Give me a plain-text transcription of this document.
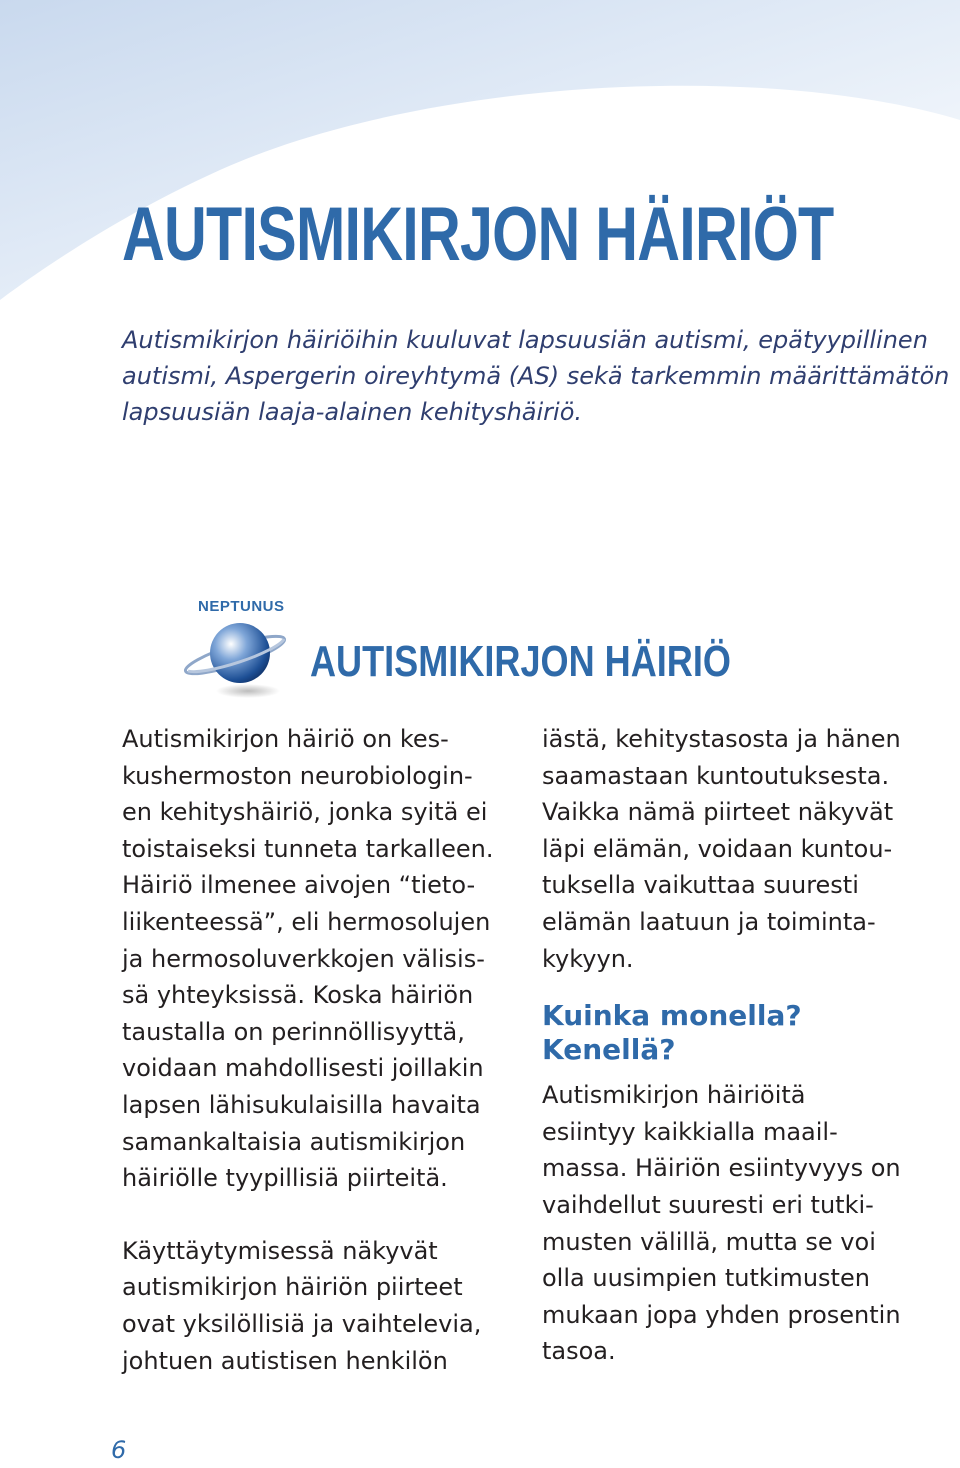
AUTISMIKIRJON HÄIRIÖT
Autismikirjon häiriöihin kuuluvat lapsuusiän autismi, epätyypillinen
autismi, Aspergerin oireyhtymä (AS) sekä tarkemmin määrittämätön
lapsuusiän laaja-alainen kehityshäiriö.
NEPTUNUS
AUTISMIKIRJON HÄIRIÖ

Autismikirjon häiriö on kes-
kushermoston neurobiologin-
en kehityshäiriö, jonka syitä ei
toistaiseksi tunneta tarkalleen.
Häiriö ilmenee aivojen “tieto-
liikenteessä”, eli hermosolujen
ja hermosoluverkkojen välisis-
sä yhteyksissä. Koska häiriön
taustalla on perinnöllisyyttä,
voidaan mahdollisesti joillakin
lapsen lähisukulaisilla havaita
samankaltaisia autismikirjon
häiriölle tyypillisiä piirteitä.

Käyttäytymisessä näkyvät
autismikirjon häiriön piirteet
ovat yksilöllisiä ja vaihtelevia,
johtuen autistisen henkilön

iästä, kehitystasosta ja hänen
saamastaan kuntoutuksesta.
Vaikka nämä piirteet näkyvät
läpi elämän, voidaan kuntou-
tuksella vaikuttaa suuresti
elämän laatuun ja toiminta-
kykyyn.

Kuinka monella?
Kenellä?

Autismikirjon häiriöitä
esiintyy kaikkialla maail-
massa. Häiriön esiintyvyys on
vaihdellut suuresti eri tutki-
musten välillä, mutta se voi
olla uusimpien tutkimusten
mukaan jopa yhden prosentin
tasoa.

6
